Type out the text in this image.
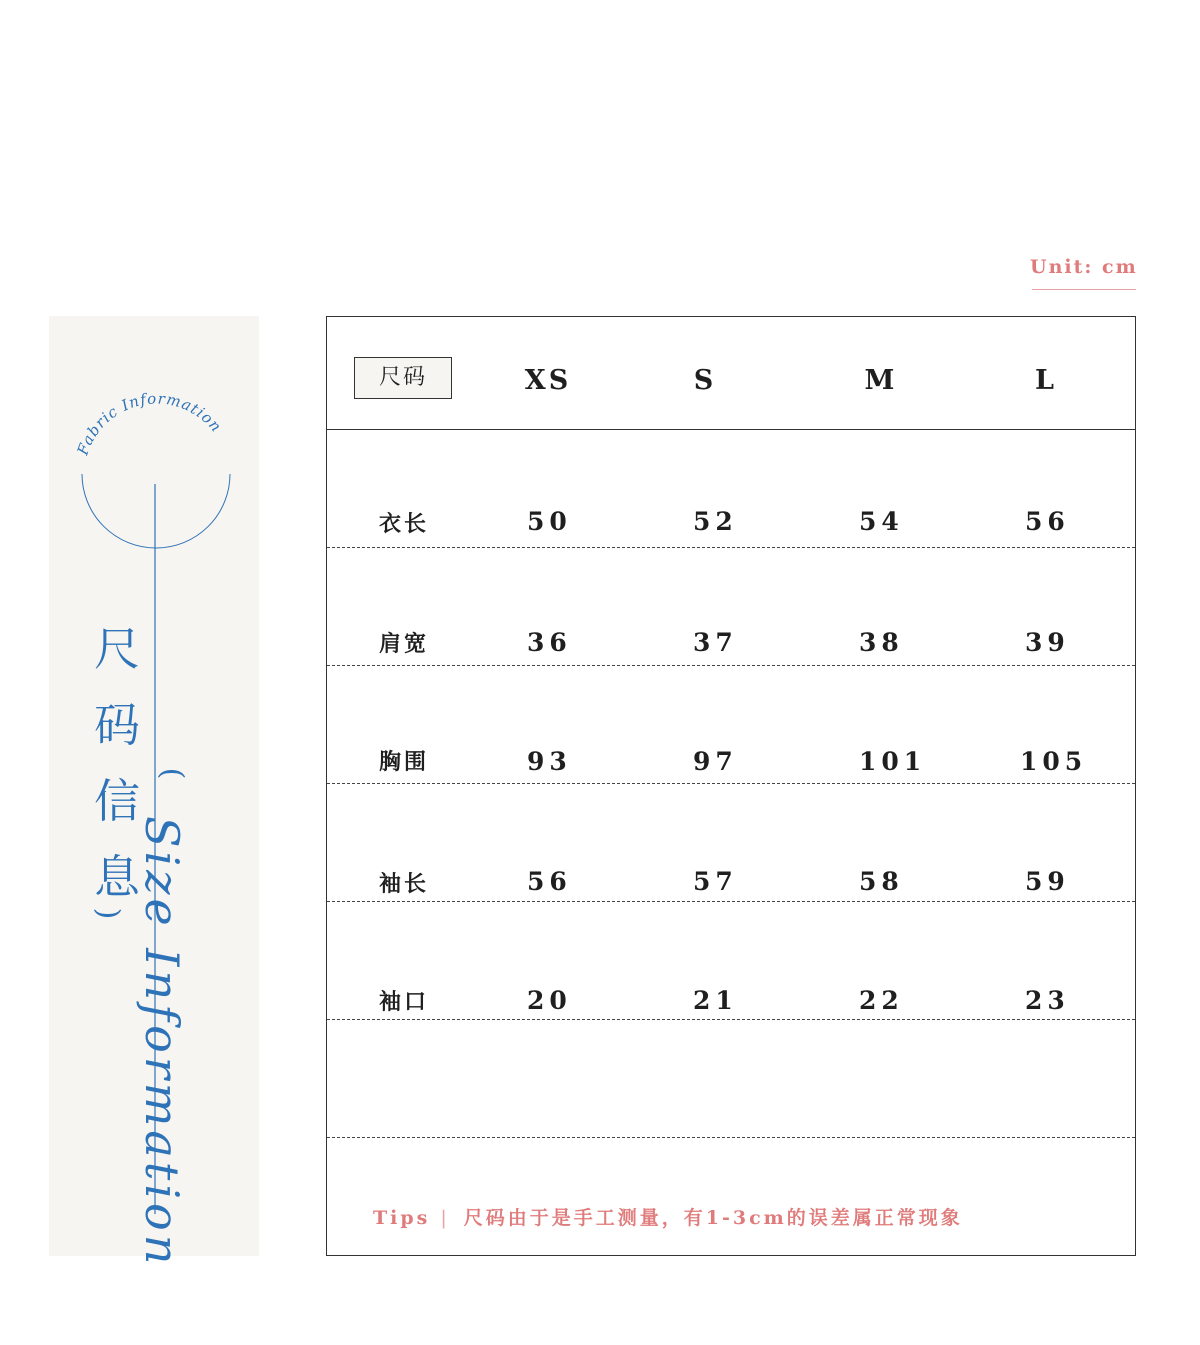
Unit: cm
Fabric Information
尺码信息
(
Size Information
)
尺码	XS	S	M	L
衣长	50	52	54	56
肩宽	36	37	38	39
胸围	93	97	101	105
袖长	56	57	58	59
袖口	20	21	22	23
Tips | 尺码由于是手工测量，有1-3cm的误差属正常现象
